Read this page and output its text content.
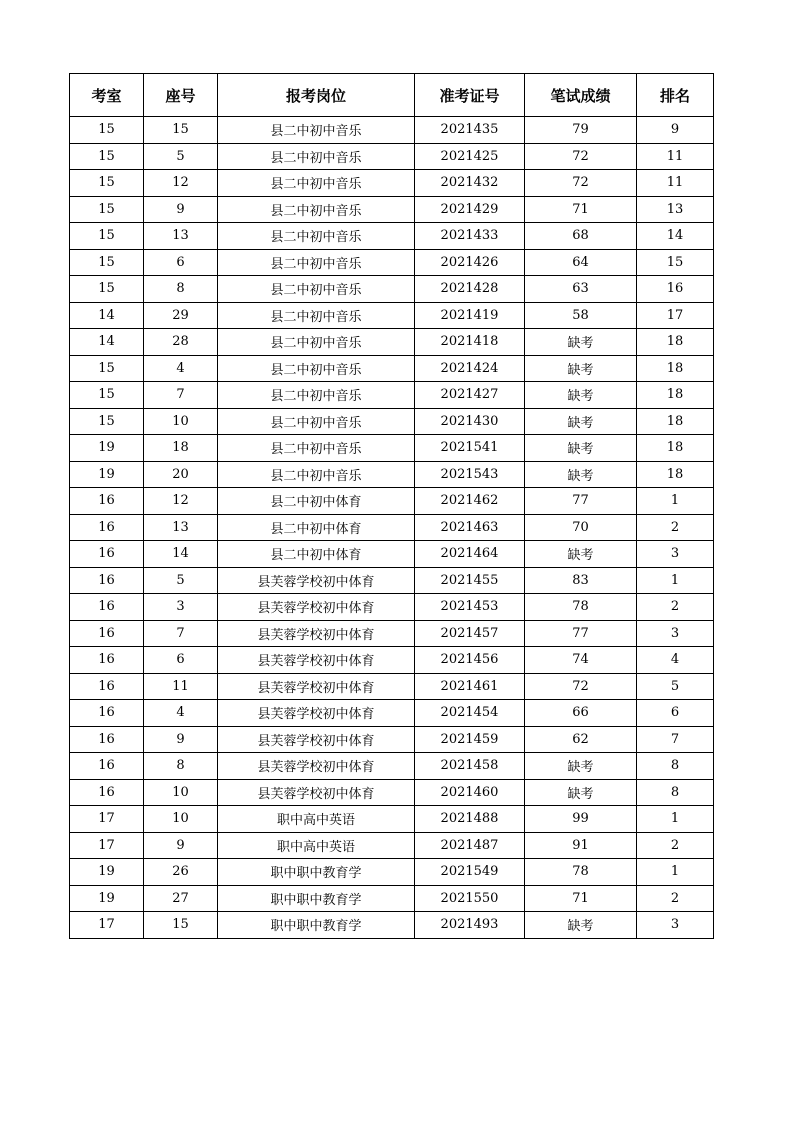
考室	座号	报考岗位	准考证号	笔试成绩	排名
15	15	县二中初中音乐	2021435	79	9
15	5	县二中初中音乐	2021425	72	11
15	12	县二中初中音乐	2021432	72	11
15	9	县二中初中音乐	2021429	71	13
15	13	县二中初中音乐	2021433	68	14
15	6	县二中初中音乐	2021426	64	15
15	8	县二中初中音乐	2021428	63	16
14	29	县二中初中音乐	2021419	58	17
14	28	县二中初中音乐	2021418	缺考	18
15	4	县二中初中音乐	2021424	缺考	18
15	7	县二中初中音乐	2021427	缺考	18
15	10	县二中初中音乐	2021430	缺考	18
19	18	县二中初中音乐	2021541	缺考	18
19	20	县二中初中音乐	2021543	缺考	18
16	12	县二中初中体育	2021462	77	1
16	13	县二中初中体育	2021463	70	2
16	14	县二中初中体育	2021464	缺考	3
16	5	县芙蓉学校初中体育	2021455	83	1
16	3	县芙蓉学校初中体育	2021453	78	2
16	7	县芙蓉学校初中体育	2021457	77	3
16	6	县芙蓉学校初中体育	2021456	74	4
16	11	县芙蓉学校初中体育	2021461	72	5
16	4	县芙蓉学校初中体育	2021454	66	6
16	9	县芙蓉学校初中体育	2021459	62	7
16	8	县芙蓉学校初中体育	2021458	缺考	8
16	10	县芙蓉学校初中体育	2021460	缺考	8
17	10	职中高中英语	2021488	99	1
17	9	职中高中英语	2021487	91	2
19	26	职中职中教育学	2021549	78	1
19	27	职中职中教育学	2021550	71	2
17	15	职中职中教育学	2021493	缺考	3
